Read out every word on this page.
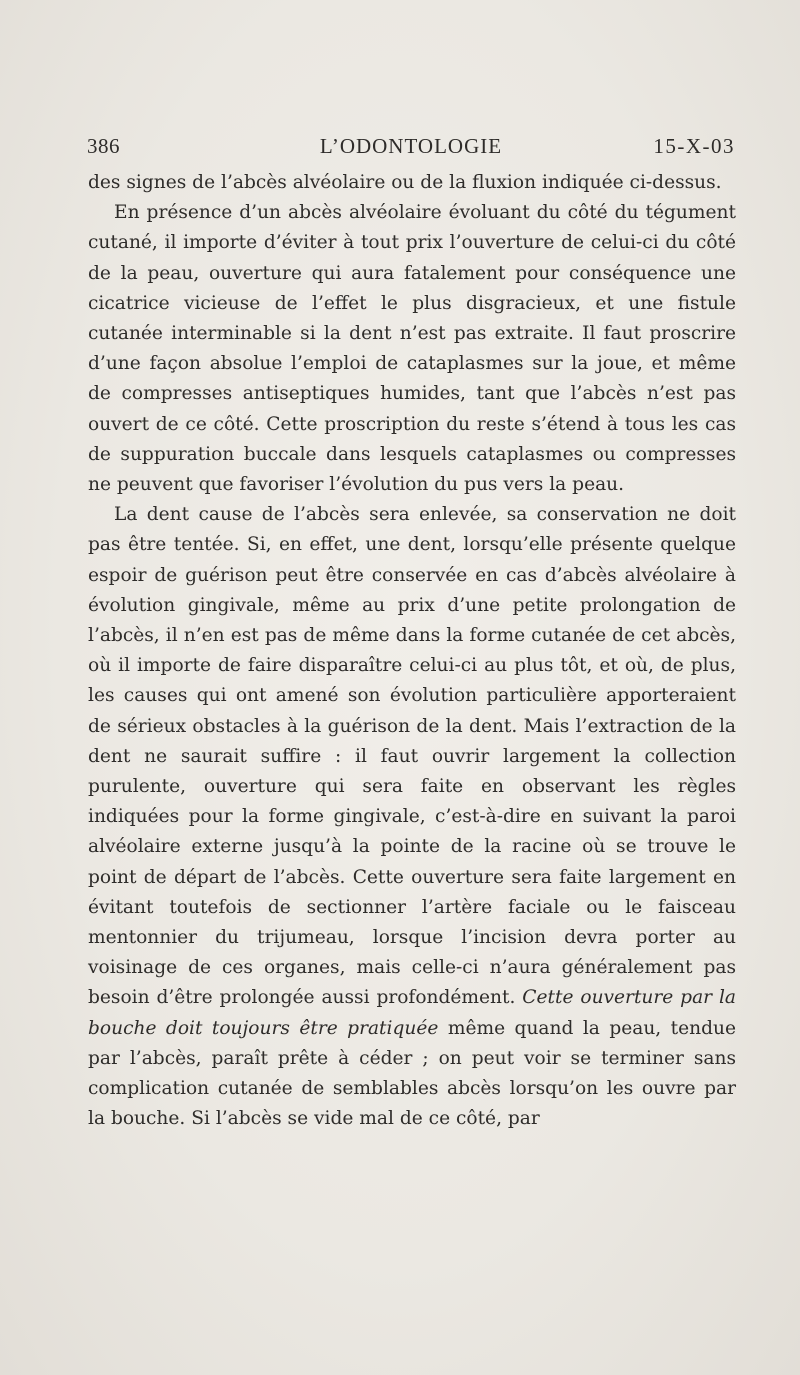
386	L’ODONTOLOGIE	15-X-03

des signes de l’abcès alvéolaire ou de la fluxion indiquée ci-dessus.

En présence d’un abcès alvéolaire évoluant du côté du tégument cutané, il importe d’éviter à tout prix l’ouverture de celui-ci du côté de la peau, ouverture qui aura fatalement pour conséquence une cicatrice vicieuse de l’effet le plus disgracieux, et une fistule cutanée interminable si la dent n’est pas extraite. Il faut proscrire d’une façon absolue l’emploi de cataplasmes sur la joue, et même de compresses antiseptiques humides, tant que l’abcès n’est pas ouvert de ce côté. Cette proscription du reste s’étend à tous les cas de suppuration buccale dans lesquels cataplasmes ou compresses ne peuvent que favoriser l’évolution du pus vers la peau.

La dent cause de l’abcès sera enlevée, sa conservation ne doit pas être tentée. Si, en effet, une dent, lorsqu’elle présente quelque espoir de guérison peut être conservée en cas d’abcès alvéolaire à évolution gingivale, même au prix d’une petite prolongation de l’abcès, il n’en est pas de même dans la forme cutanée de cet abcès, où il importe de faire disparaître celui-ci au plus tôt, et où, de plus, les causes qui ont amené son évolution particulière apporteraient de sérieux obstacles à la guérison de la dent. Mais l’extraction de la dent ne saurait suffire : il faut ouvrir largement la collection purulente, ouverture qui sera faite en observant les règles indiquées pour la forme gingivale, c’est-à-dire en suivant la paroi alvéolaire externe jusqu’à la pointe de la racine où se trouve le point de départ de l’abcès. Cette ouverture sera faite largement en évitant toutefois de sectionner l’artère faciale ou le faisceau mentonnier du trijumeau, lorsque l’incision devra porter au voisinage de ces organes, mais celle-ci n’aura généralement pas besoin d’être prolongée aussi profondément. Cette ouverture par la bouche doit toujours être pratiquée même quand la peau, tendue par l’abcès, paraît prête à céder ; on peut voir se terminer sans complication cutanée de semblables abcès lorsqu’on les ouvre par la bouche. Si l’abcès se vide mal de ce côté, par
